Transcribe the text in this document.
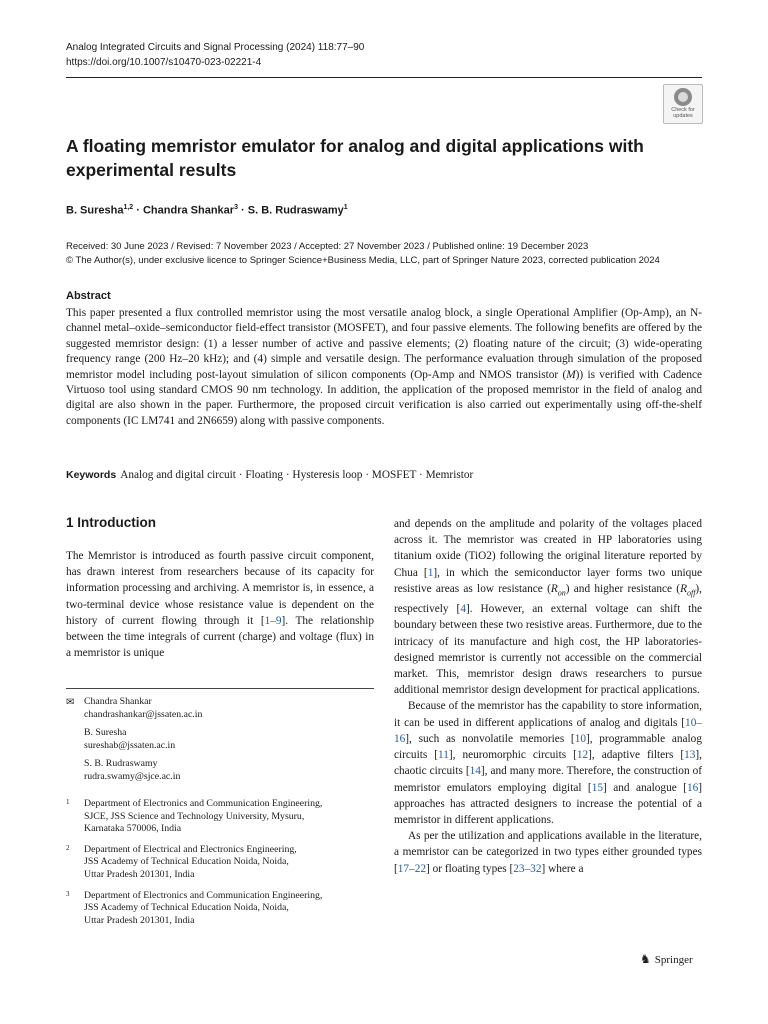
Analog Integrated Circuits and Signal Processing (2024) 118:77–90
https://doi.org/10.1007/s10470-023-02221-4
Check for
updates
A floating memristor emulator for analog and digital applications with experimental results
B. Suresha$^{1,2}$ · Chandra Shankar$^3$ · S. B. Rudraswamy$^1$
Received: 30 June 2023 / Revised: 7 November 2023 / Accepted: 27 November 2023 / Published online: 19 December 2023
© The Author(s), under exclusive licence to Springer Science+Business Media, LLC, part of Springer Nature 2023, corrected publication 2024
Abstract

This paper presented a flux controlled memristor using the most versatile analog block, a single Operational Amplifier (Op-Amp), an N-channel metal–oxide–semiconductor field-effect transistor (MOSFET), and four passive elements. The following benefits are offered by the suggested memristor design: (1) a lesser number of active and passive elements; (2) floating nature of the circuit; (3) wide-operating frequency range (200 Hz–20 kHz); and (4) simple and versatile design. The performance evaluation through simulation of the proposed memristor model including post-layout simulation of silicon components (Op-Amp and NMOS transistor (M)) is verified with Cadence Virtuoso tool using standard CMOS 90 nm technology. In addition, the application of the proposed memristor in the field of analog and digital are also shown in the paper. Furthermore, the proposed circuit verification is also carried out experimentally using off-the-shelf components (IC LM741 and 2N6659) along with passive components.

Keywords Analog and digital circuit · Floating · Hysteresis loop · MOSFET · Memristor
1 Introduction

The Memristor is introduced as fourth passive circuit component, has drawn interest from researchers because of its capacity for information processing and archiving. A memristor is, in essence, a two-terminal device whose resistance value is dependent on the history of current flowing through it [1–9]. The relationship between the time integrals of current (charge) and voltage (flux) in a memristor is unique

and depends on the amplitude and polarity of the voltages placed across it. The memristor was created in HP laboratories using titanium oxide (TiO2) following the original literature reported by Chua [1], in which the semiconductor layer forms two unique resistive areas as low resistance $(R_{on})$ and higher resistance $(R_{off})$, respectively [4]. However, an external voltage can shift the boundary between these two resistive areas. Furthermore, due to the intricacy of its manufacture and high cost, the HP laboratories-designed memristor is currently not accessible on the commercial market. This, memristor design draws researchers to pursue additional memristor design development for practical applications.

Because of the memristor has the capability to store information, it can be used in different applications of analog and digitals [10–16], such as nonvolatile memories [10], programmable analog circuits [11], neuromorphic circuits [12], adaptive filters [13], chaotic circuits [14], and many more. Therefore, the construction of memristor emulators employing digital [15] and analogue [16] approaches has attracted designers to increase the potential of a memristor in different applications.

As per the utilization and applications available in the literature, a memristor can be categorized in two types either grounded types [17–22] or floating types [23–32] where a

✉ Chandra Shankar
chandrashankar@jssaten.ac.in
B. Suresha
sureshab@jssaten.ac.in
S. B. Rudraswamy
rudra.swamy@sjce.ac.in
1 Department of Electronics and Communication Engineering,
SJCE, JSS Science and Technology University, Mysuru,
Karnataka 570006, India
2 Department of Electrical and Electronics Engineering,
JSS Academy of Technical Education Noida, Noida,
Uttar Pradesh 201301, India
3 Department of Electronics and Communication Engineering,
JSS Academy of Technical Education Noida, Noida,
Uttar Pradesh 201301, India
♞ Springer
